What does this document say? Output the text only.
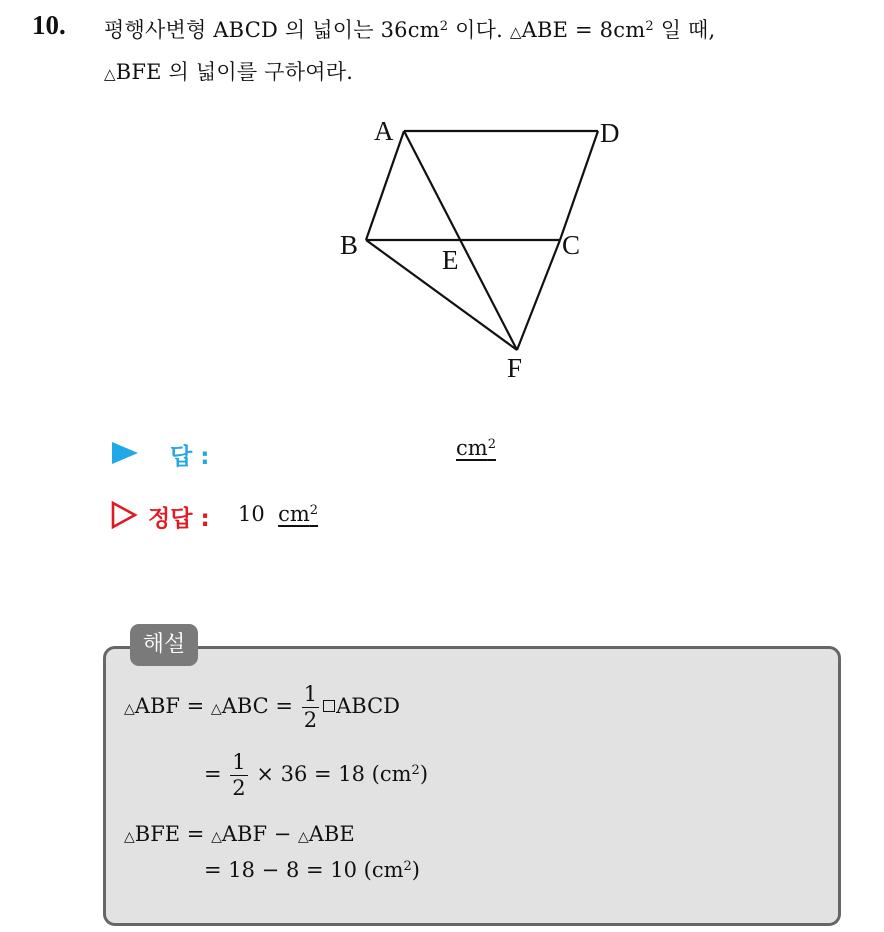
10. 평행사변형 ABCD 의 넓이는 $36cm^2$ 이다. △ABE = $8cm^2$ 일 때,
△BFE 의 넓이를 구하여라.
A	D
B	C
E
F
답 :	$cm^2$
정답 : 10 $cm^2$
해설
△ABF = △ABC = $\frac{1}{2}$ ABCD
= $\frac{1}{2} \times 36 = 18$ $(cm^2)$
△BFE = △ABF − △ABE
= 18 − 8 = 10 $(cm^2)$
